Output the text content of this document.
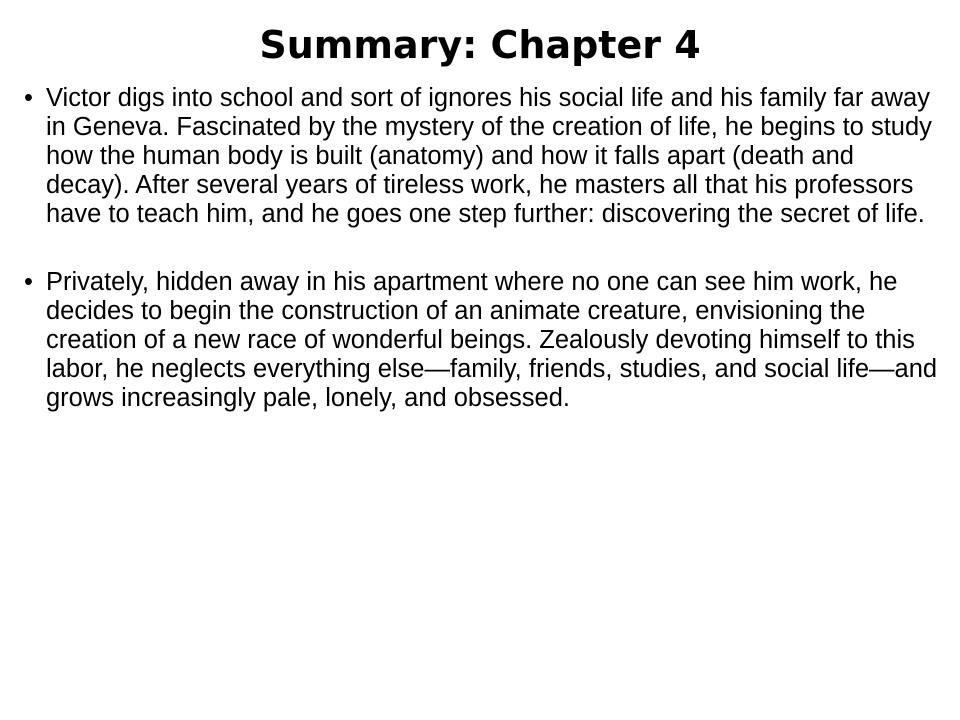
Summary: Chapter 4
• Victor digs into school and sort of ignores his social life and his family far away in Geneva. Fascinated by the mystery of the creation of life, he begins to study how the human body is built (anatomy) and how it falls apart (death and decay). After several years of tireless work, he masters all that his professors have to teach him, and he goes one step further: discovering the secret of life.
• Privately, hidden away in his apartment where no one can see him work, he decides to begin the construction of an animate creature, envisioning the creation of a new race of wonderful beings. Zealously devoting himself to this labor, he neglects everything else—family, friends, studies, and social life—and grows increasingly pale, lonely, and obsessed.
